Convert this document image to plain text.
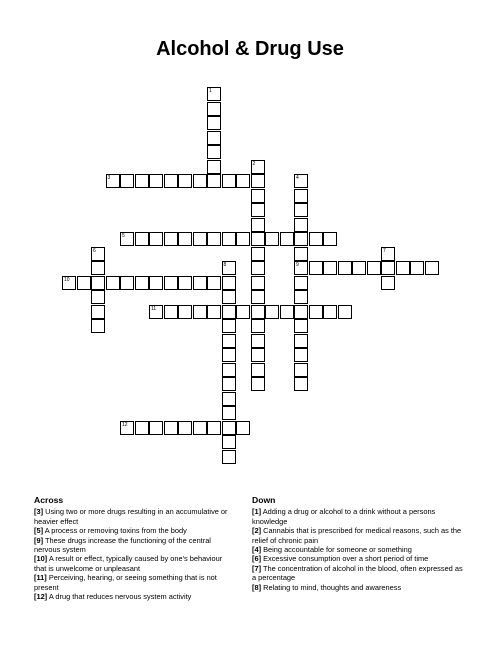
Alcohol & Drug Use
3
5
9
10
11
12
1
2
4
6	7
8
Across

[3] Using two or more drugs resulting in an accumulative or heavier effect

[5] A process or removing toxins from the body

[9] These drugs increase the functioning of the central nervous system

[10] A result or effect, typically caused by one's behaviour that is unwelcome or unpleasant

[11] Perceiving, hearing, or seeing something that is not present

[12] A drug that reduces nervous system activity

Down

[1] Adding a drug or alcohol to a drink without a persons knowledge

[2] Cannabis that is prescribed for medical reasons, such as the relief of chronic pain

[4] Being accountable for someone or something

[6] Excessive consumption over a short period of time

[7] The concentration of alcohol in the blood, often expressed as a percentage

[8] Relating to mind, thoughts and awareness
